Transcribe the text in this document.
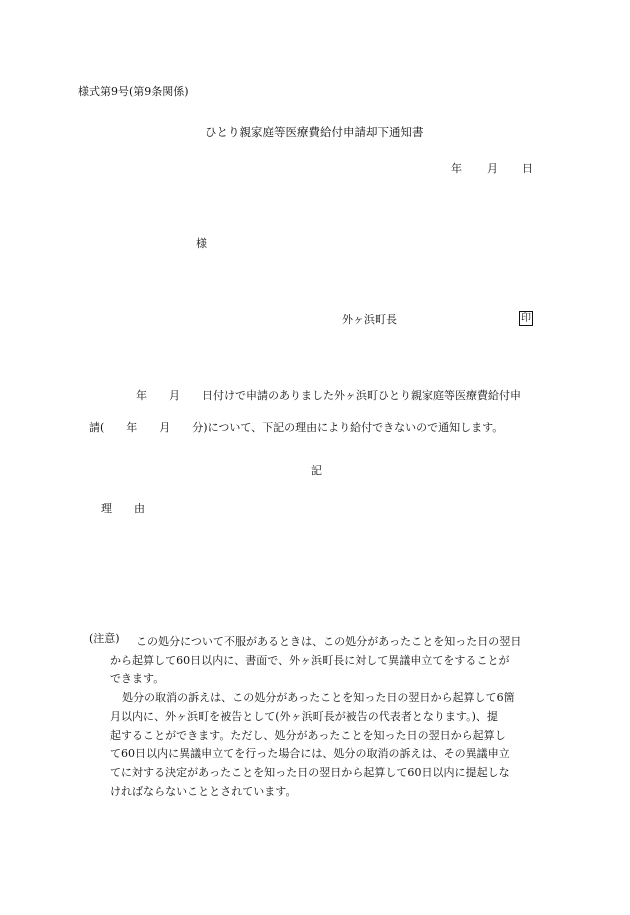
様式第9号(第9条関係)
ひとり親家庭等医療費給付申請却下通知書
年 月 日
様
外ヶ浜町長	印
年　　月　　日付けで申請のありました外ヶ浜町ひとり親家庭等医療費給付申
請(　　年　　月　　分)について、下記の理由により給付できないので通知します。
記
理　　由
(注意)	この処分について不服があるときは、この処分があったことを知った日の翌日

から起算して60日以内に、書面で、外ヶ浜町長に対して異議申立てをすることが

できます。

処分の取消の訴えは、この処分があったことを知った日の翌日から起算して6箇

月以内に、外ヶ浜町を被告として(外ヶ浜町長が被告の代表者となります。)、提

起することができます。ただし、処分があったことを知った日の翌日から起算し

て60日以内に異議申立てを行った場合には、処分の取消の訴えは、その異議申立

てに対する決定があったことを知った日の翌日から起算して60日以内に提起しな

ければならないこととされています。
